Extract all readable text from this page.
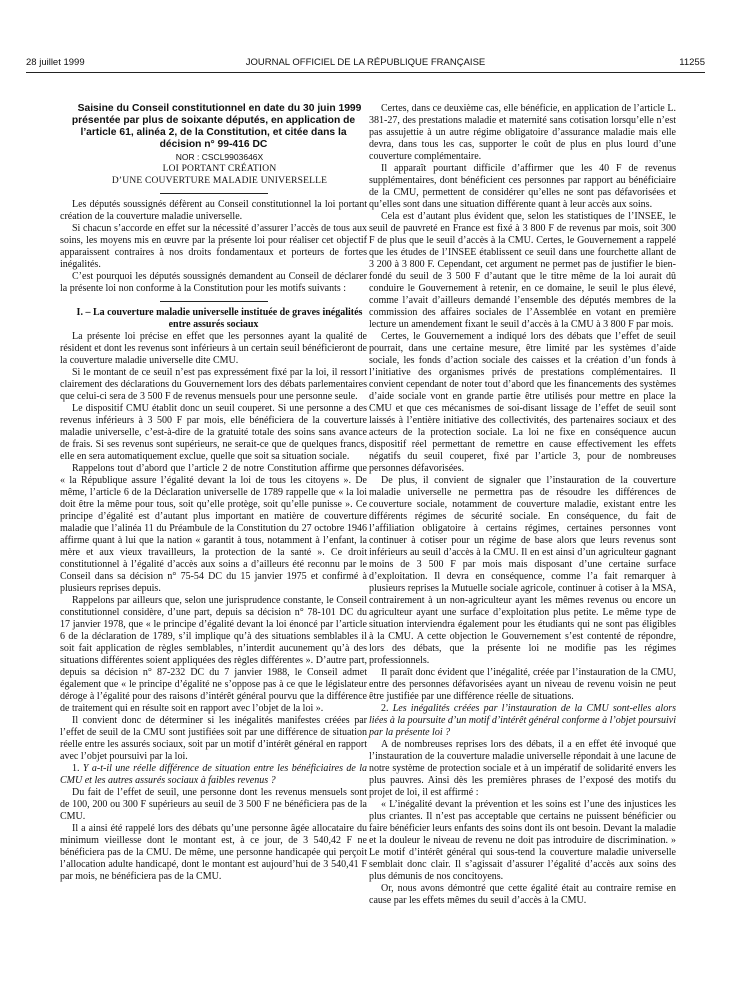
28 juillet 1999	JOURNAL OFFICIEL DE LA RÉPUBLIQUE FRANÇAISE	11255

Saisine du Conseil constitutionnel en date du 30 juin 1999 présentée par plus de soixante députés, en application de l’article 61, alinéa 2, de la Constitution, et citée dans la décision n° 99-416 DC

NOR : CSCL9903646X

LOI PORTANT CRÉATION

D’UNE COUVERTURE MALADIE UNIVERSELLE

Les députés soussignés défèrent au Conseil constitutionnel la loi portant création de la couverture maladie universelle.

Si chacun s’accorde en effet sur la nécessité d’assurer l’accès de tous aux soins, les moyens mis en œuvre par la présente loi pour réaliser cet objectif apparaissent contraires à nos droits fondamentaux et porteurs de fortes inégalités.

C’est pourquoi les députés soussignés demandent au Conseil de déclarer la présente loi non conforme à la Constitution pour les motifs suivants :

I. – La couverture maladie universelle instituée de graves inégalités entre assurés sociaux

La présente loi précise en effet que les personnes ayant la qualité de résident et dont les revenus sont inférieurs à un certain seuil bénéficieront de la couverture maladie universelle dite CMU.

Si le montant de ce seuil n’est pas expressément fixé par la loi, il ressort clairement des déclarations du Gouvernement lors des débats parlementaires que celui-ci sera de 3 500 F de revenus mensuels pour une personne seule.

Le dispositif CMU établit donc un seuil couperet. Si une personne a des revenus inférieurs à 3 500 F par mois, elle bénéficiera de la couverture maladie universelle, c’est-à-dire de la gratuité totale des soins sans avance de frais. Si ses revenus sont supérieurs, ne serait-ce que de quelques francs, elle en sera automatiquement exclue, quelle que soit sa situation sociale.

Rappelons tout d’abord que l’article 2 de notre Constitution affirme que « la République assure l’égalité devant la loi de tous les citoyens ». De même, l’article 6 de la Déclaration universelle de 1789 rappelle que « la loi doit être la même pour tous, soit qu’elle protège, soit qu’elle punisse ». Ce principe d’égalité est d’autant plus important en matière de couverture maladie que l’alinéa 11 du Préambule de la Constitution du 27 octobre 1946 affirme quant à lui que la nation « garantit à tous, notamment à l’enfant, la mère et aux vieux travailleurs, la protection de la santé ». Ce droit constitutionnel à l’égalité d’accès aux soins a d’ailleurs été reconnu par le Conseil dans sa décision n° 75-54 DC du 15 janvier 1975 et confirmé à plusieurs reprises depuis.

Rappelons par ailleurs que, selon une jurisprudence constante, le Conseil constitutionnel considère, d’une part, depuis sa décision n° 78-101 DC du 17 janvier 1978, que « le principe d’égalité devant la loi énoncé par l’article 6 de la déclaration de 1789, s’il implique qu’à des situations semblables il soit fait application de règles semblables, n’interdit aucunement qu’à des situations différentes soient appliquées des règles différentes ». D’autre part, depuis sa décision n° 87-232 DC du 7 janvier 1988, le Conseil admet également que « le principe d’égalité ne s’oppose pas à ce que le législateur déroge à l’égalité pour des raisons d’intérêt général pourvu que la différence de traitement qui en résulte soit en rapport avec l’objet de la loi ».

Il convient donc de déterminer si les inégalités manifestes créées par l’effet de seuil de la CMU sont justifiées soit par une différence de situation réelle entre les assurés sociaux, soit par un motif d’intérêt général en rapport avec l’objet poursuivi par la loi.

1. Y a-t-il une réelle différence de situation entre les bénéficiaires de la CMU et les autres assurés sociaux à faibles revenus ?

Du fait de l’effet de seuil, une personne dont les revenus mensuels sont de 100, 200 ou 300 F supérieurs au seuil de 3 500 F ne bénéficiera pas de la CMU.

Il a ainsi été rappelé lors des débats qu’une personne âgée allocataire du minimum vieillesse dont le montant est, à ce jour, de 3 540,42 F ne bénéficiera pas de la CMU. De même, une personne handicapée qui perçoit l’allocation adulte handicapé, dont le montant est aujourd’hui de 3 540,41 F par mois, ne bénéficiera pas de la CMU.

Certes, dans ce deuxième cas, elle bénéficie, en application de l’article L. 381-27, des prestations maladie et maternité sans cotisation lorsqu’elle n’est pas assujettie à un autre régime obligatoire d’assurance maladie mais elle devra, dans tous les cas, supporter le coût de plus en plus lourd d’une couverture complémentaire.

Il apparaît pourtant difficile d’affirmer que les 40 F de revenus supplémentaires, dont bénéficient ces personnes par rapport au bénéficiaire de la CMU, permettent de considérer qu’elles ne sont pas défavorisées et qu’elles sont dans une situation différente quant à leur accès aux soins.

Cela est d’autant plus évident que, selon les statistiques de l’INSEE, le seuil de pauvreté en France est fixé à 3 800 F de revenus par mois, soit 300 F de plus que le seuil d’accès à la CMU. Certes, le Gouvernement a rappelé que les études de l’INSEE établissent ce seuil dans une fourchette allant de 3 200 à 3 800 F. Cependant, cet argument ne permet pas de justifier le bien-fondé du seuil de 3 500 F d’autant que le titre même de la loi aurait dû conduire le Gouvernement à retenir, en ce domaine, le seuil le plus élevé, comme l’avait d’ailleurs demandé l’ensemble des députés membres de la commission des affaires sociales de l’Assemblée en votant en première lecture un amendement fixant le seuil d’accès à la CMU à 3 800 F par mois.

Certes, le Gouvernement a indiqué lors des débats que l’effet de seuil pourrait, dans une certaine mesure, être limité par les systèmes d’aide sociale, les fonds d’action sociale des caisses et la création d’un fonds à l’initiative des organismes privés de prestations complémentaires. Il convient cependant de noter tout d’abord que les financements des systèmes d’aide sociale vont en grande partie être utilisés pour mettre en place la CMU et que ces mécanismes de soi-disant lissage de l’effet de seuil sont laissés à l’entière initiative des collectivités, des partenaires sociaux et des acteurs de la protection sociale. La loi ne fixe en conséquence aucun dispositif réel permettant de remettre en cause effectivement les effets négatifs du seuil couperet, fixé par l’article 3, pour de nombreuses personnes défavorisées.

De plus, il convient de signaler que l’instauration de la couverture maladie universelle ne permettra pas de résoudre les différences de couverture sociale, notamment de couverture maladie, existant entre les différents régimes de sécurité sociale. En conséquence, du fait de l’affiliation obligatoire à certains régimes, certaines personnes vont continuer à cotiser pour un régime de base alors que leurs revenus sont inférieurs au seuil d’accès à la CMU. Il en est ainsi d’un agriculteur gagnant moins de 3 500 F par mois mais disposant d’une certaine surface d’exploitation. Il devra en conséquence, comme l’a fait remarquer à plusieurs reprises la Mutuelle sociale agricole, continuer à cotiser à la MSA, contrairement à un non-agriculteur ayant les mêmes revenus ou encore un agriculteur ayant une surface d’exploitation plus petite. Le même type de situation interviendra également pour les étudiants qui ne sont pas éligibles à la CMU. A cette objection le Gouvernement s’est contenté de répondre, lors des débats, que la présente loi ne modifie pas les régimes professionnels.

Il paraît donc évident que l’inégalité, créée par l’instauration de la CMU, entre des personnes défavorisées ayant un niveau de revenu voisin ne peut être justifiée par une différence réelle de situations.

2. Les inégalités créées par l’instauration de la CMU sont-elles alors liées à la poursuite d’un motif d’intérêt général conforme à l’objet poursuivi par la présente loi ?

A de nombreuses reprises lors des débats, il a en effet été invoqué que l’instauration de la couverture maladie universelle répondait à une lacune de notre système de protection sociale et à un impératif de solidarité envers les plus pauvres. Ainsi dès les premières phrases de l’exposé des motifs du projet de loi, il est affirmé :

« L’inégalité devant la prévention et les soins est l’une des injustices les plus criantes. Il n’est pas acceptable que certains ne puissent bénéficier ou faire bénéficier leurs enfants des soins dont ils ont besoin. Devant la maladie et la douleur le niveau de revenu ne doit pas introduire de discrimination. » Le motif d’intérêt général qui sous-tend la couverture maladie universelle semblait donc clair. Il s’agissait d’assurer l’égalité d’accès aux soins des plus démunis de nos concitoyens.

Or, nous avons démontré que cette égalité était au contraire remise en cause par les effets mêmes du seuil d’accès à la CMU.
